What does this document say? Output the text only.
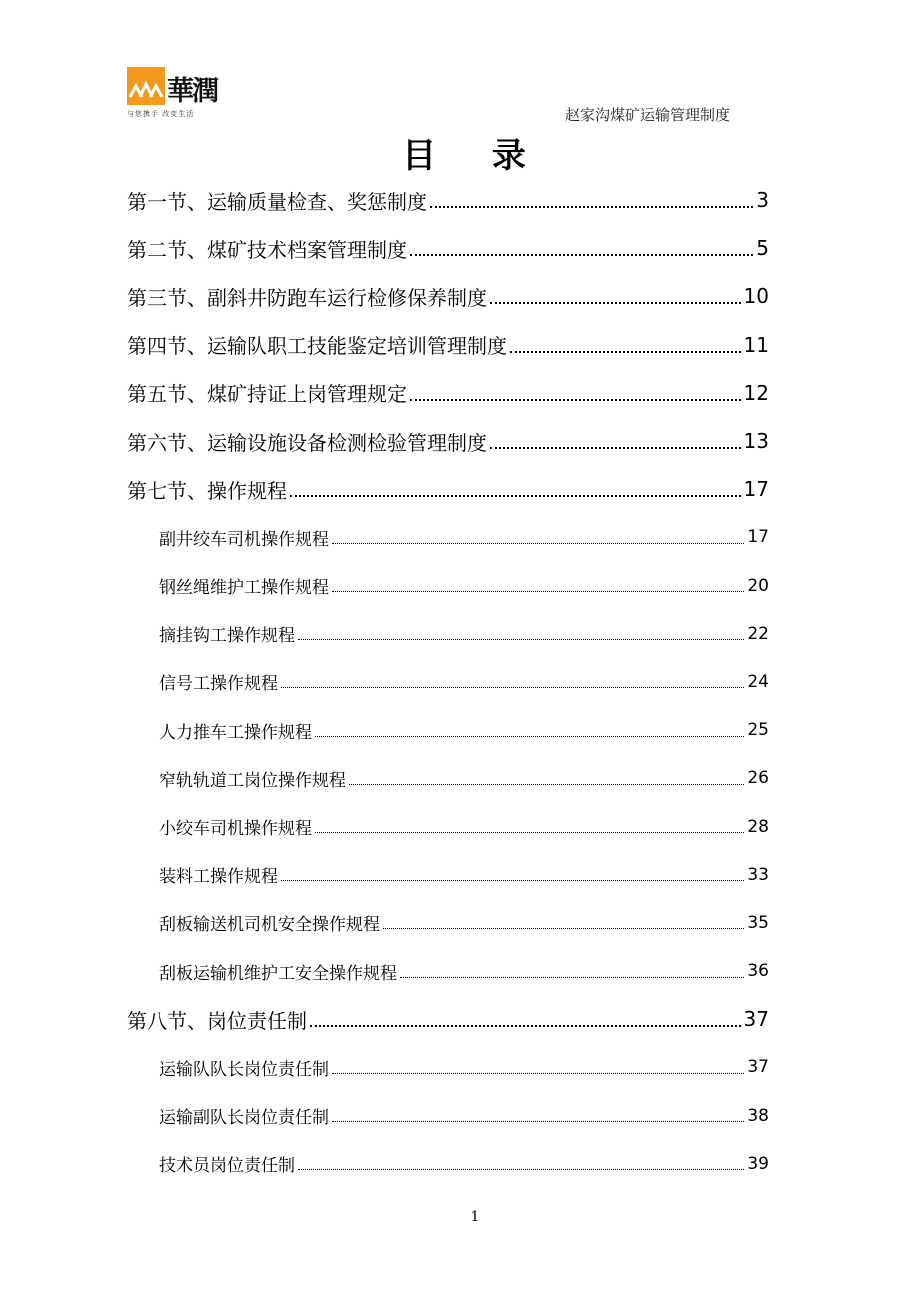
華潤
与您携手 改变生活	赵家沟煤矿运输管理制度
目 录
第一节、运输质量检查、奖惩制度	3
第二节、煤矿技术档案管理制度	5
第三节、副斜井防跑车运行检修保养制度	10
第四节、运输队职工技能鉴定培训管理制度	11
第五节、煤矿持证上岗管理规定	12
第六节、运输设施设备检测检验管理制度	13
第七节、操作规程	17
副井绞车司机操作规程	17
钢丝绳维护工操作规程	20
摘挂钩工操作规程	22
信号工操作规程	24
人力推车工操作规程	25
窄轨轨道工岗位操作规程	26
小绞车司机操作规程	28
装料工操作规程	33
刮板输送机司机安全操作规程	35
刮板运输机维护工安全操作规程	36
第八节、岗位责任制	37
运输队队长岗位责任制	37
运输副队长岗位责任制	38
技术员岗位责任制	39
1
